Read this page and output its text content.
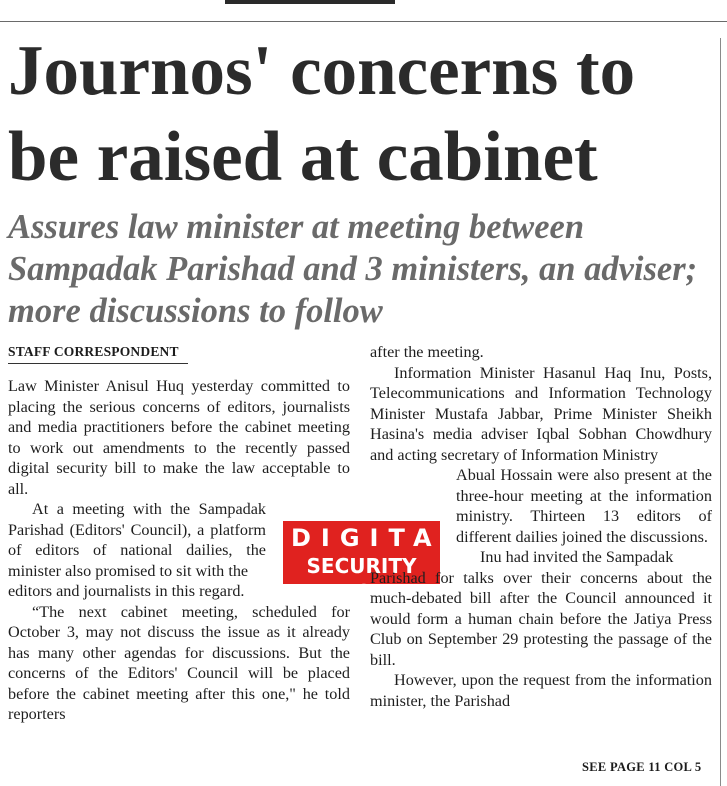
Journos' concerns to be raised at cabinet
Assures law minister at meeting between Sampadak Parishad and 3 ministers, an adviser; more discussions to follow
STAFF CORRESPONDENT

Law Minister Anisul Huq yesterday committed to placing the serious concerns of editors, journalists and media practitioners before the cabinet meeting to work out amendments to the recently passed digital security bill to make the law acceptable to all.

At a meeting with the Sampadak Parishad (Editors' Council), a platform of editors of national dailies, the minister also promised to sit with the

editors and journalists in this regard.

“The next cabinet meeting, scheduled for October 3, may not discuss the issue as it already has many other agendas for discussions. But the concerns of the Editors' Council will be placed before the cabinet meeting after this one," he told reporters

DIGITAL
SECURITY ACT

after the meeting.

Information Minister Hasanul Haq Inu, Posts, Telecommunications and Information Technology Minister Mustafa Jabbar, Prime Minister Sheikh Hasina's media adviser Iqbal Sobhan Chowdhury and acting secretary of Information Ministry

Abual Hossain were also present at the three-hour meeting at the information ministry. Thirteen 13 editors of different dailies joined the discussions.

Inu had invited the Sampadak

Parishad for talks over their concerns about the much-debated bill after the Council announced it would form a human chain before the Jatiya Press Club on September 29 protesting the passage of the bill.

However, upon the request from the information minister, the Parishad

SEE PAGE 11 COL 5
